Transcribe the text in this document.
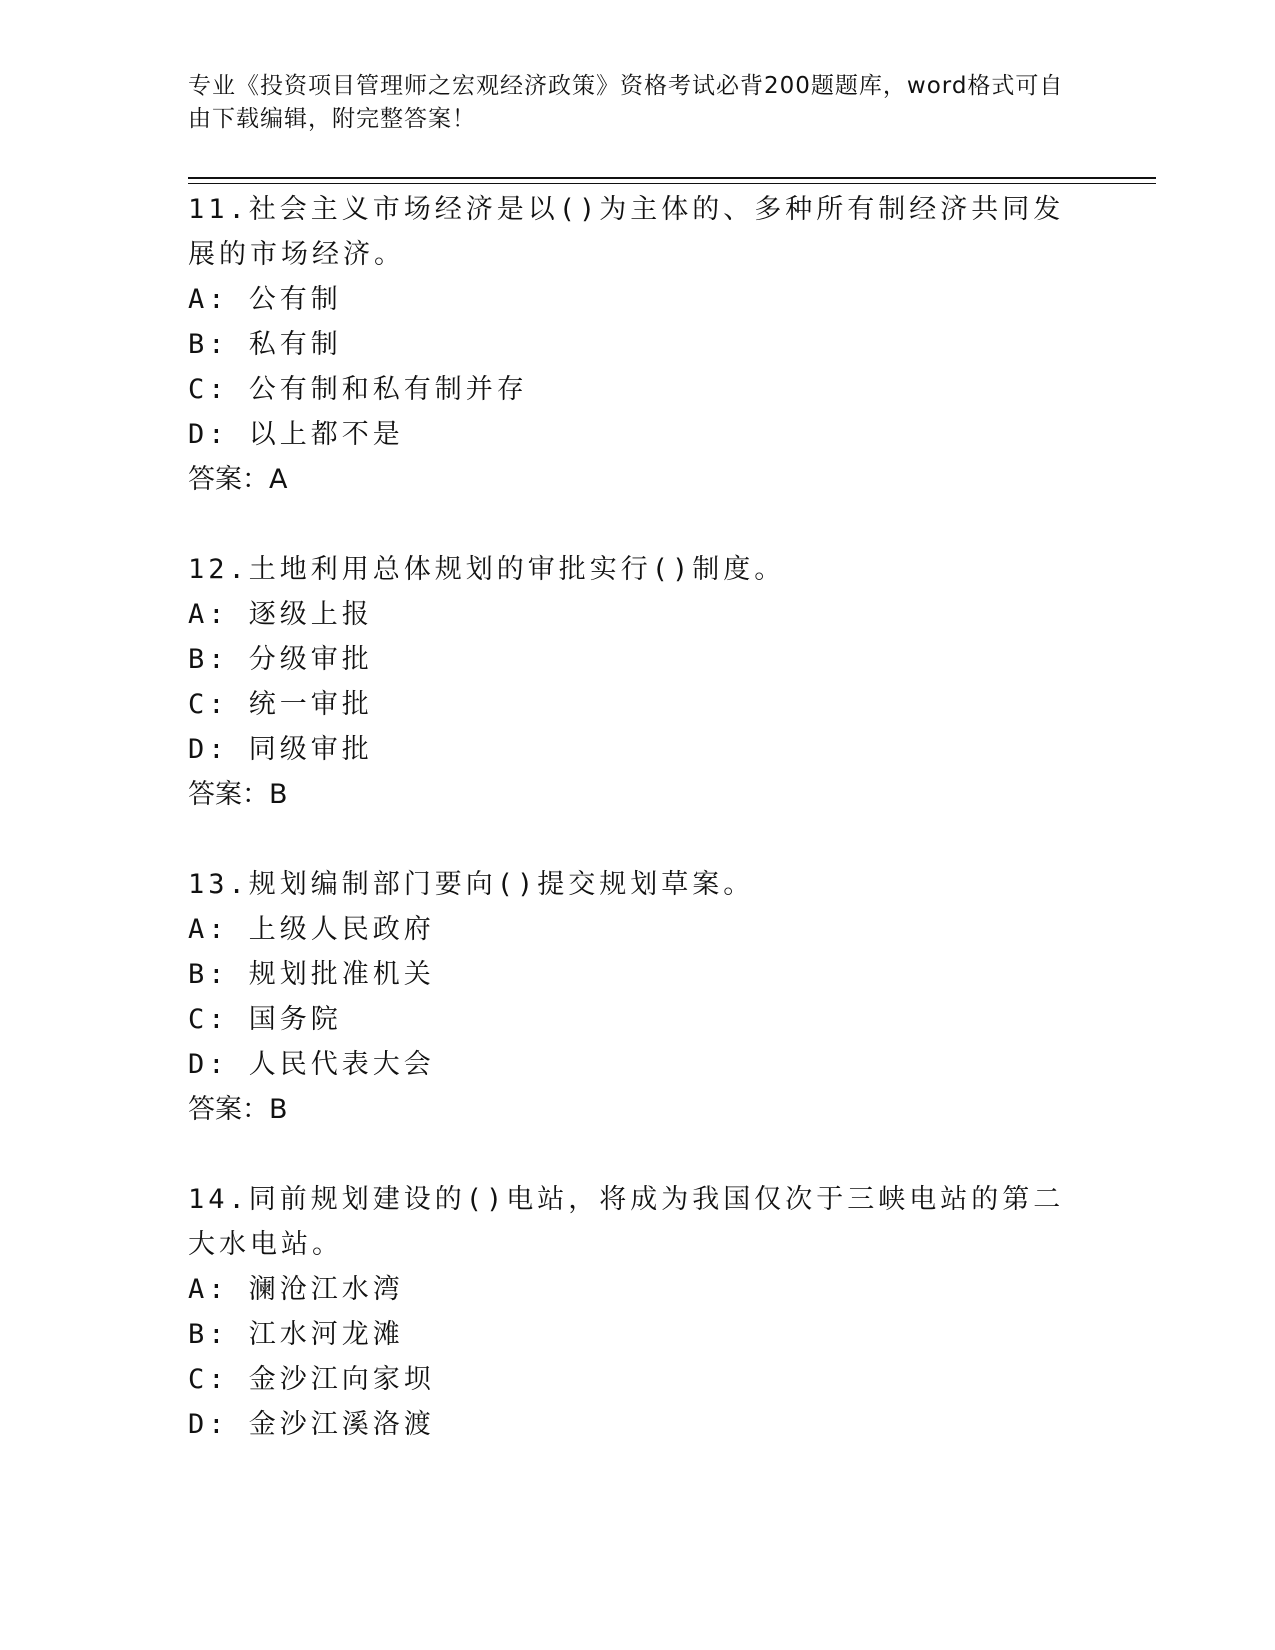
专业《投资项目管理师之宏观经济政策》资格考试必背200题题库，word格式可自由下载编辑，附完整答案！

11.社会主义市场经济是以()为主体的、多种所有制经济共同发展的市场经济。

A: 公有制

B: 私有制

C: 公有制和私有制并存

D: 以上都不是

答案：A

12.土地利用总体规划的审批实行()制度。

A: 逐级上报

B: 分级审批

C: 统一审批

D: 同级审批

答案：B

13.规划编制部门要向()提交规划草案。

A: 上级人民政府

B: 规划批准机关

C: 国务院

D: 人民代表大会

答案：B

14.同前规划建设的()电站，将成为我国仅次于三峡电站的第二大水电站。

A: 澜沧江水湾

B: 江水河龙滩

C: 金沙江向家坝

D: 金沙江溪洛渡
